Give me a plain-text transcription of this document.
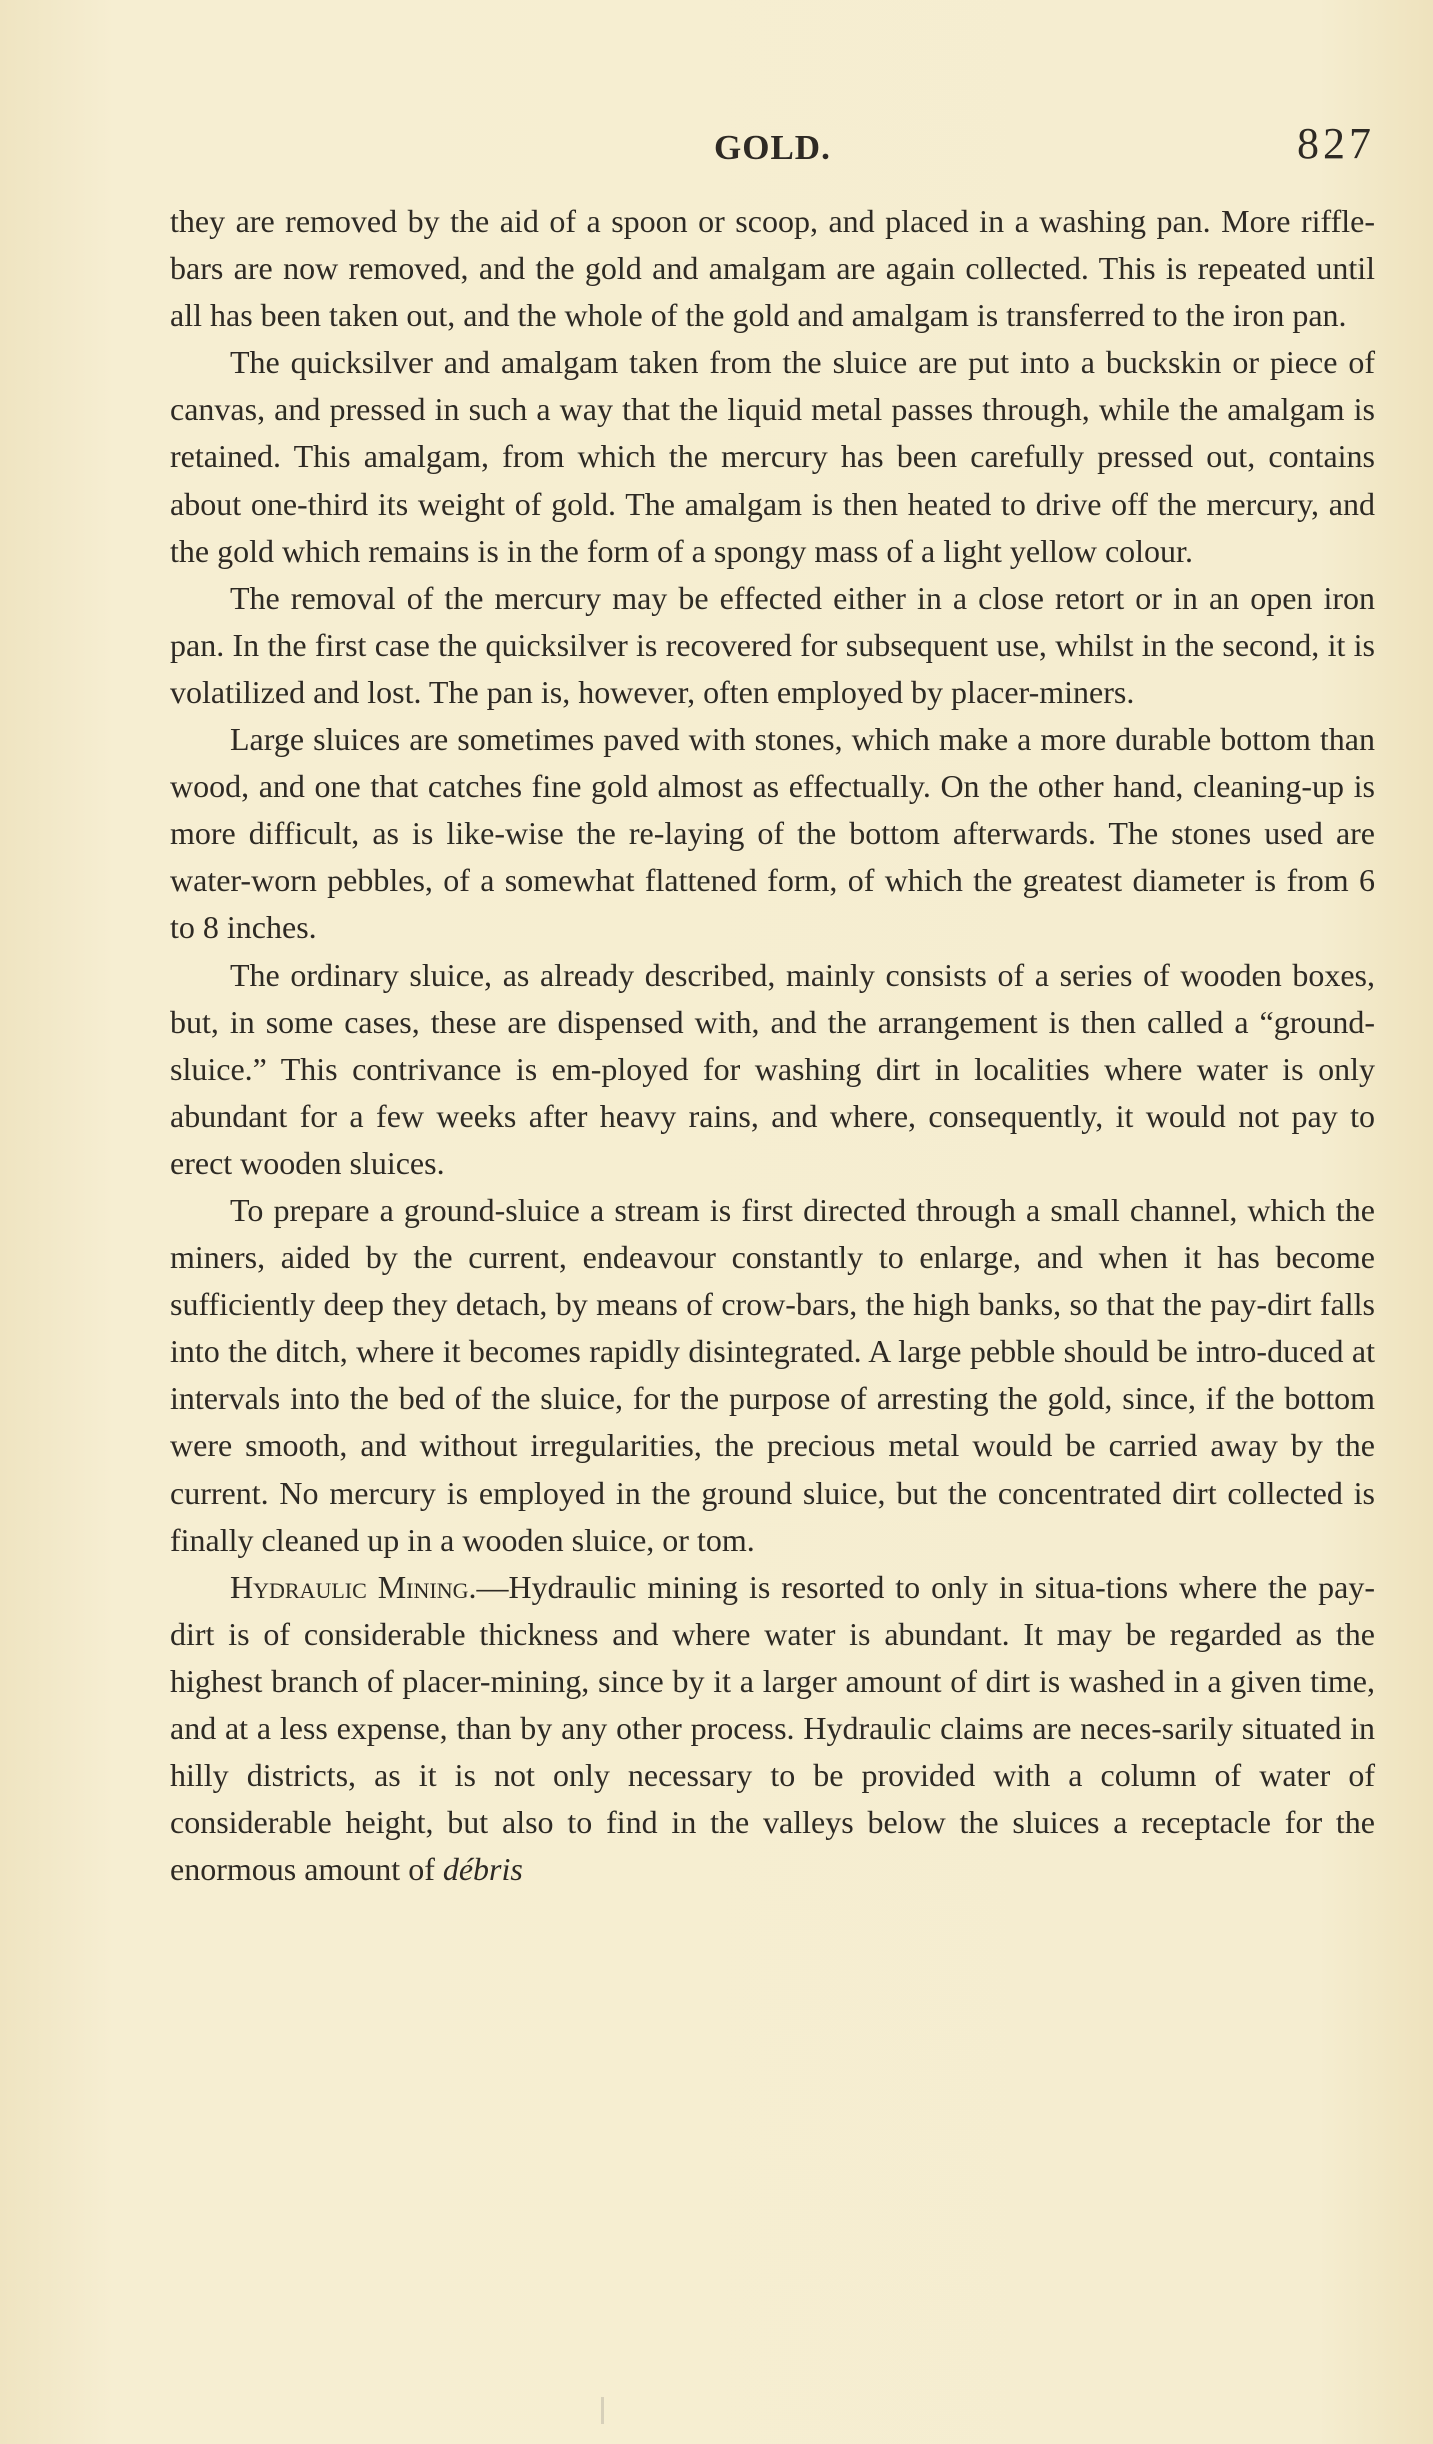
GOLD.	827

they are removed by the aid of a spoon or scoop, and placed in a washing pan. More riffle-bars are now removed, and the gold and amalgam are again collected. This is repeated until all has been taken out, and the whole of the gold and amalgam is transferred to the iron pan.

The quicksilver and amalgam taken from the sluice are put into a buckskin or piece of canvas, and pressed in such a way that the liquid metal passes through, while the amalgam is retained. This amalgam, from which the mercury has been carefully pressed out, contains about one-third its weight of gold. The amalgam is then heated to drive off the mercury, and the gold which remains is in the form of a spongy mass of a light yellow colour.

The removal of the mercury may be effected either in a close retort or in an open iron pan. In the first case the quicksilver is recovered for subsequent use, whilst in the second, it is volatilized and lost. The pan is, however, often employed by placer-miners.

Large sluices are sometimes paved with stones, which make a more durable bottom than wood, and one that catches fine gold almost as effectually. On the other hand, cleaning-up is more difficult, as is like-wise the re-laying of the bottom afterwards. The stones used are water-worn pebbles, of a somewhat flattened form, of which the greatest diameter is from 6 to 8 inches.

The ordinary sluice, as already described, mainly consists of a series of wooden boxes, but, in some cases, these are dispensed with, and the arrangement is then called a “ground-sluice.” This contrivance is em-ployed for washing dirt in localities where water is only abundant for a few weeks after heavy rains, and where, consequently, it would not pay to erect wooden sluices.

To prepare a ground-sluice a stream is first directed through a small channel, which the miners, aided by the current, endeavour constantly to enlarge, and when it has become sufficiently deep they detach, by means of crow-bars, the high banks, so that the pay-dirt falls into the ditch, where it becomes rapidly disintegrated. A large pebble should be intro-duced at intervals into the bed of the sluice, for the purpose of arresting the gold, since, if the bottom were smooth, and without irregularities, the precious metal would be carried away by the current. No mercury is employed in the ground sluice, but the concentrated dirt collected is finally cleaned up in a wooden sluice, or tom.

Hydraulic Mining.—Hydraulic mining is resorted to only in situa-tions where the pay-dirt is of considerable thickness and where water is abundant. It may be regarded as the highest branch of placer-mining, since by it a larger amount of dirt is washed in a given time, and at a less expense, than by any other process. Hydraulic claims are neces-sarily situated in hilly districts, as it is not only necessary to be provided with a column of water of considerable height, but also to find in the valleys below the sluices a receptacle for the enormous amount of débris
